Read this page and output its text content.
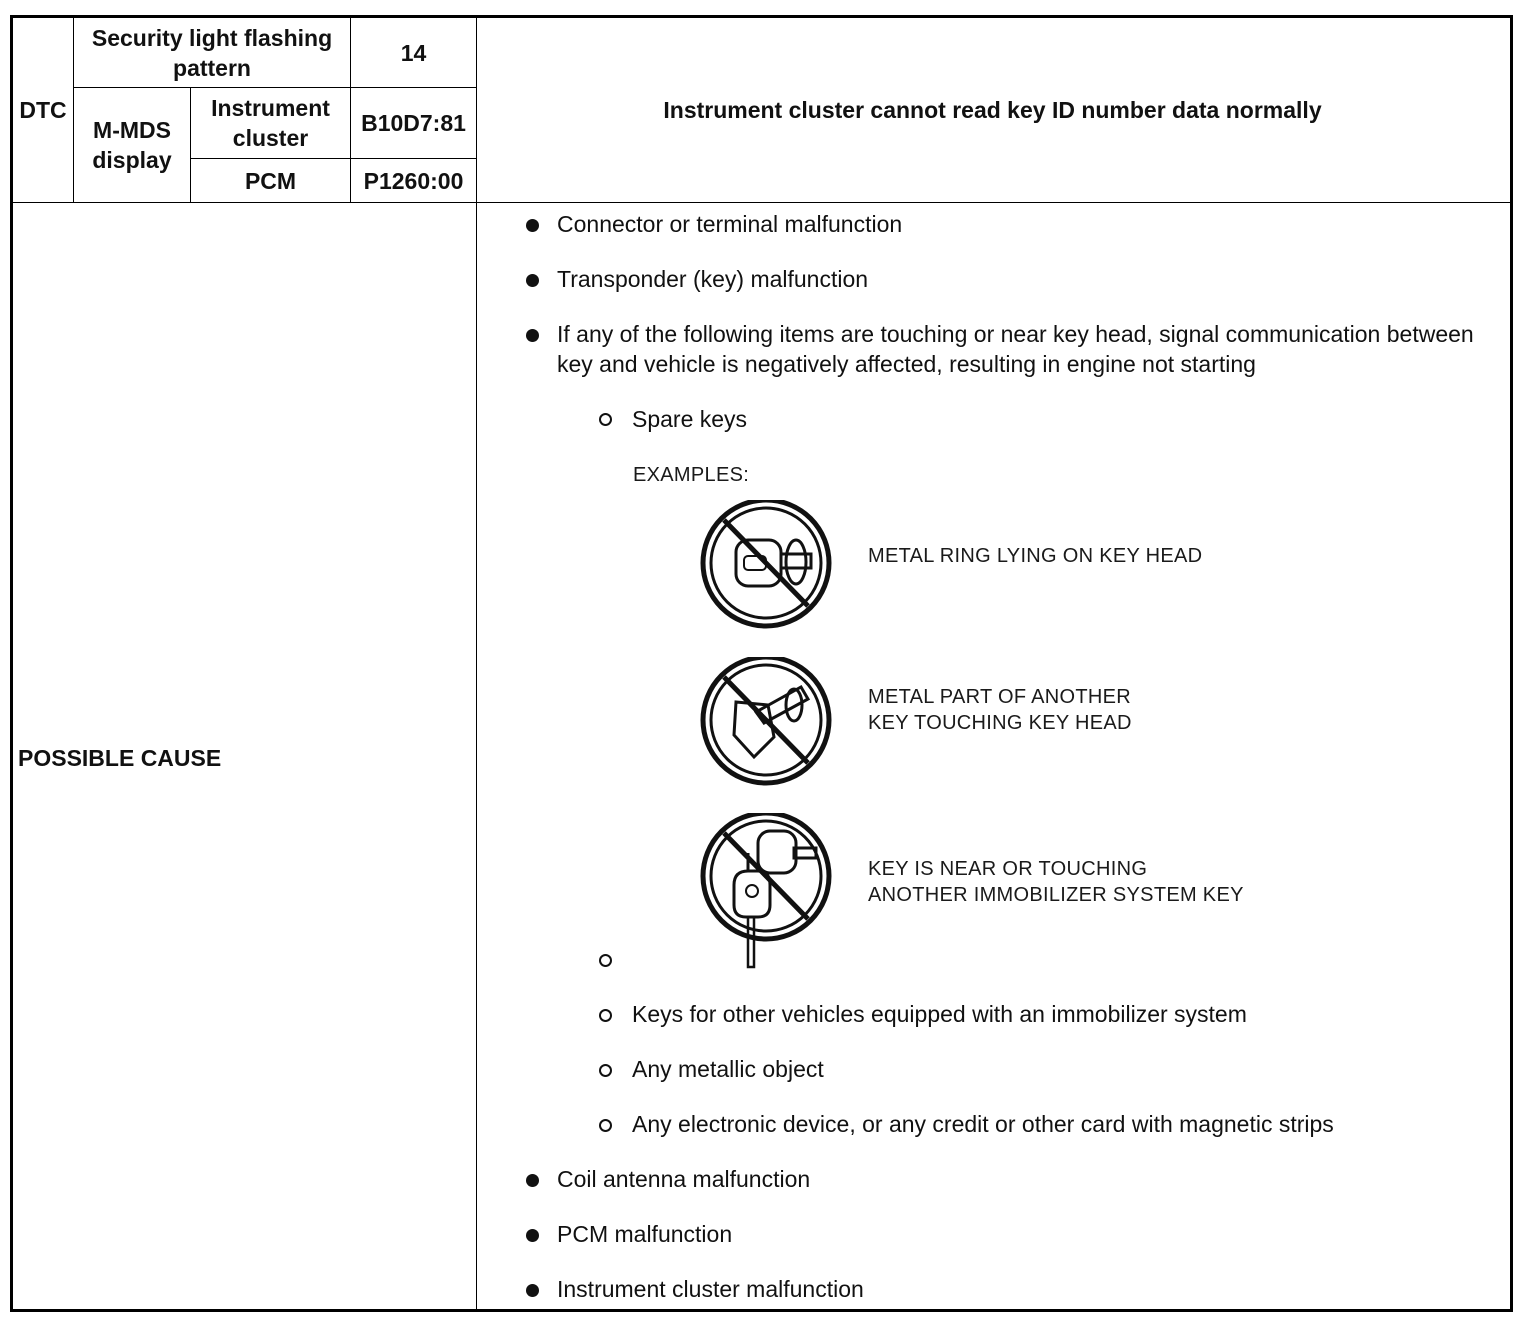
DTC
Security light flashing pattern
14
M-MDS display
Instrument cluster
B10D7:81
PCM	P1260:00
Instrument cluster cannot read key ID number data normally
POSSIBLE CAUSE
Connector or terminal malfunction
Transponder (key) malfunction
If any of the following items are touching or near key head, signal communication between key and vehicle is negatively affected, resulting in engine not starting
Spare keys
EXAMPLES:
METAL RING LYING ON KEY HEAD
METAL PART OF ANOTHER
KEY TOUCHING KEY HEAD
KEY IS NEAR OR TOUCHING
ANOTHER IMMOBILIZER SYSTEM KEY
Keys for other vehicles equipped with an immobilizer system
Any metallic object
Any electronic device, or any credit or other card with magnetic strips
Coil antenna malfunction
PCM malfunction
Instrument cluster malfunction
